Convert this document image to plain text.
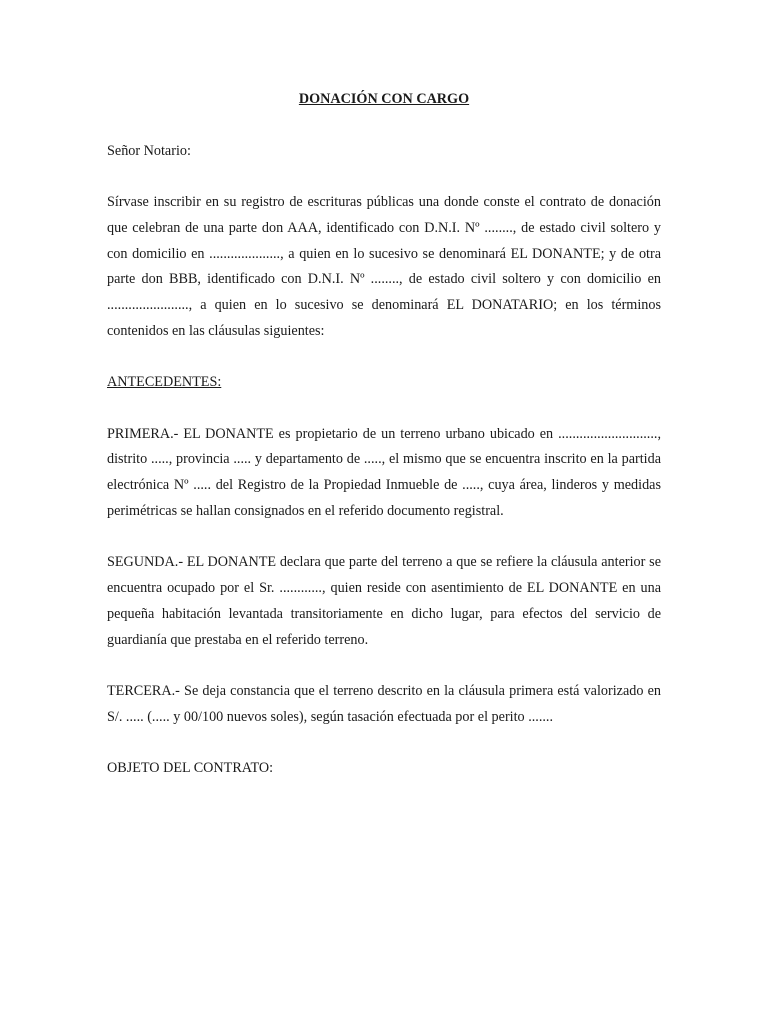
DONACIÓN CON CARGO

Señor Notario:

Sírvase inscribir en su registro de escrituras públicas una donde conste el contrato de donación que celebran de una parte don AAA, identificado con D.N.I. Nº ........, de estado civil soltero y con domicilio en ...................., a quien en lo sucesivo se denominará EL DONANTE; y de otra parte don BBB, identificado con D.N.I. Nº ........, de estado civil soltero y con domicilio en ......................., a quien en lo sucesivo se denominará EL DONATARIO; en los términos contenidos en las cláusulas siguientes:

ANTECEDENTES:

PRIMERA.- EL DONANTE es propietario de un terreno urbano ubicado en ............................, distrito ....., provincia ..... y departamento de ....., el mismo que se encuentra inscrito en la partida electrónica Nº ..... del Registro de la Propiedad Inmueble de ....., cuya área, linderos y medidas perimétricas se hallan consignados en el referido documento registral.

SEGUNDA.- EL DONANTE declara que parte del terreno a que se refiere la cláusula anterior se encuentra ocupado por el Sr. ............, quien reside con asentimiento de EL DONANTE en una pequeña habitación levantada transitoriamente en dicho lugar, para efectos del servicio de guardianía que prestaba en el referido terreno.

TERCERA.- Se deja constancia que el terreno descrito en la cláusula primera está valorizado en S/. ..... (..... y 00/100 nuevos soles), según tasación efectuada por el perito .......

OBJETO DEL CONTRATO:
